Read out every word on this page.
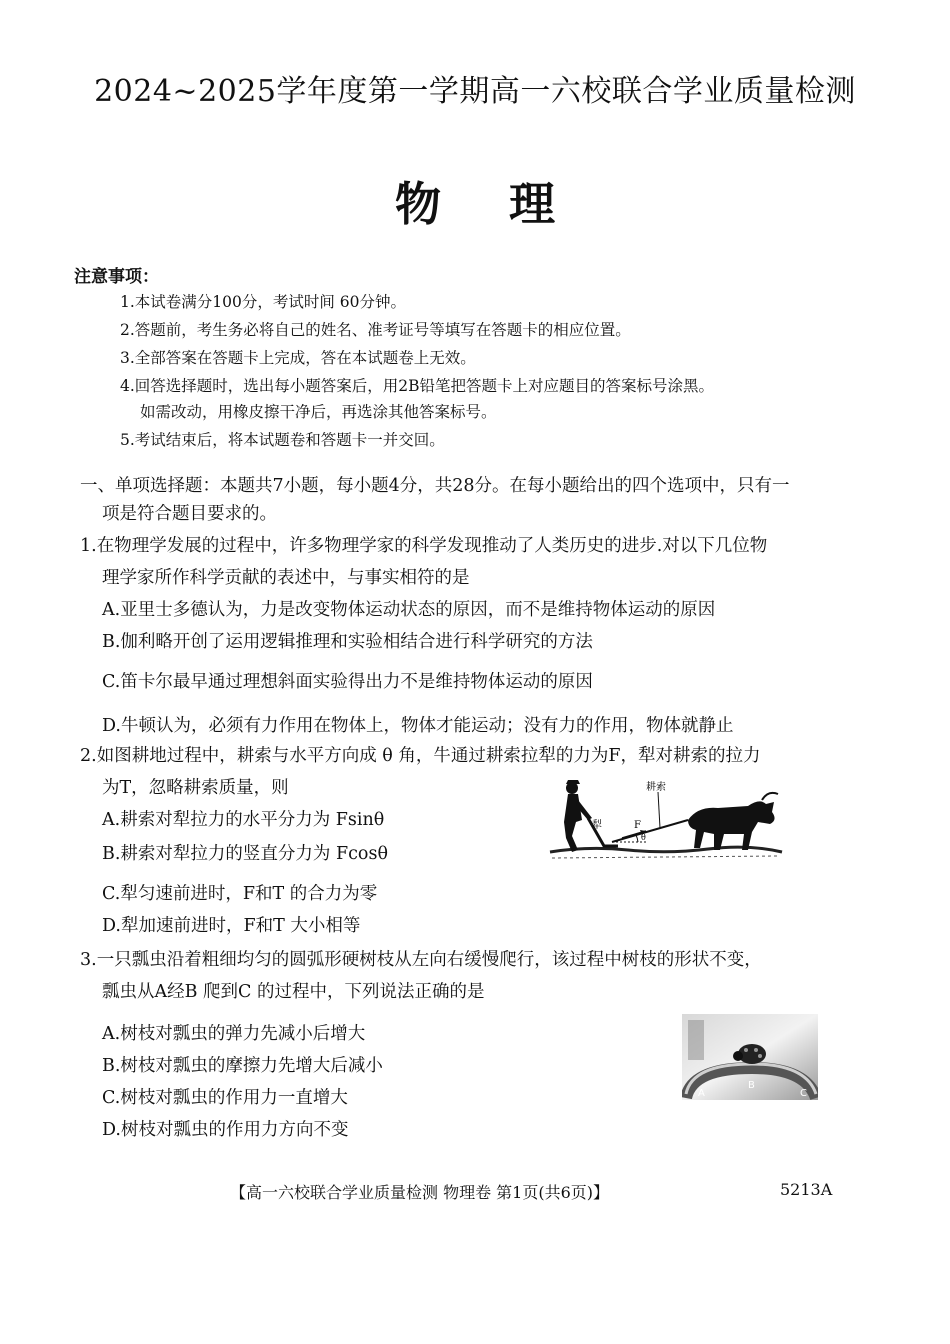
2024~2025学年度第一学期高一六校联合学业质量检测
物理
注意事项：
1.本试卷满分100分，考试时间 60分钟。
2.答题前，考生务必将自己的姓名、准考证号等填写在答题卡的相应位置。
3.全部答案在答题卡上完成，答在本试题卷上无效。
4.回答选择题时，选出每小题答案后，用2B铅笔把答题卡上对应题目的答案标号涂黑。
如需改动，用橡皮擦干净后，再选涂其他答案标号。
5.考试结束后，将本试题卷和答题卡一并交回。
一、单项选择题：本题共7小题，每小题4分，共28分。在每小题给出的四个选项中，只有一
项是符合题目要求的。
1.在物理学发展的过程中，许多物理学家的科学发现推动了人类历史的进步.对以下几位物
理学家所作科学贡献的表述中，与事实相符的是
A.亚里士多德认为，力是改变物体运动状态的原因，而不是维持物体运动的原因
B.伽利略开创了运用逻辑推理和实验相结合进行科学研究的方法
C.笛卡尔最早通过理想斜面实验得出力不是维持物体运动的原因
D.牛顿认为，必须有力作用在物体上，物体才能运动；没有力的作用，物体就静止
2.如图耕地过程中，耕索与水平方向成 θ 角，牛通过耕索拉犁的力为F，犁对耕索的拉力
为T，忽略耕索质量，则
A.耕索对犁拉力的水平分力为 Fsinθ
B.耕索对犁拉力的竖直分力为 Fcosθ
C.犁匀速前进时，F和T 的合力为零
D.犁加速前进时，F和T 大小相等
耕索
犁	F
θ
3.一只瓢虫沿着粗细均匀的圆弧形硬树枝从左向右缓慢爬行，该过程中树枝的形状不变，
瓢虫从A经B 爬到C 的过程中，下列说法正确的是
A.树枝对瓢虫的弹力先减小后增大
B.树枝对瓢虫的摩擦力先增大后减小
C.树枝对瓢虫的作用力一直增大
D.树枝对瓢虫的作用力方向不变
A
B
C
【高一六校联合学业质量检测 物理卷 第1页(共6页)】	5213A
